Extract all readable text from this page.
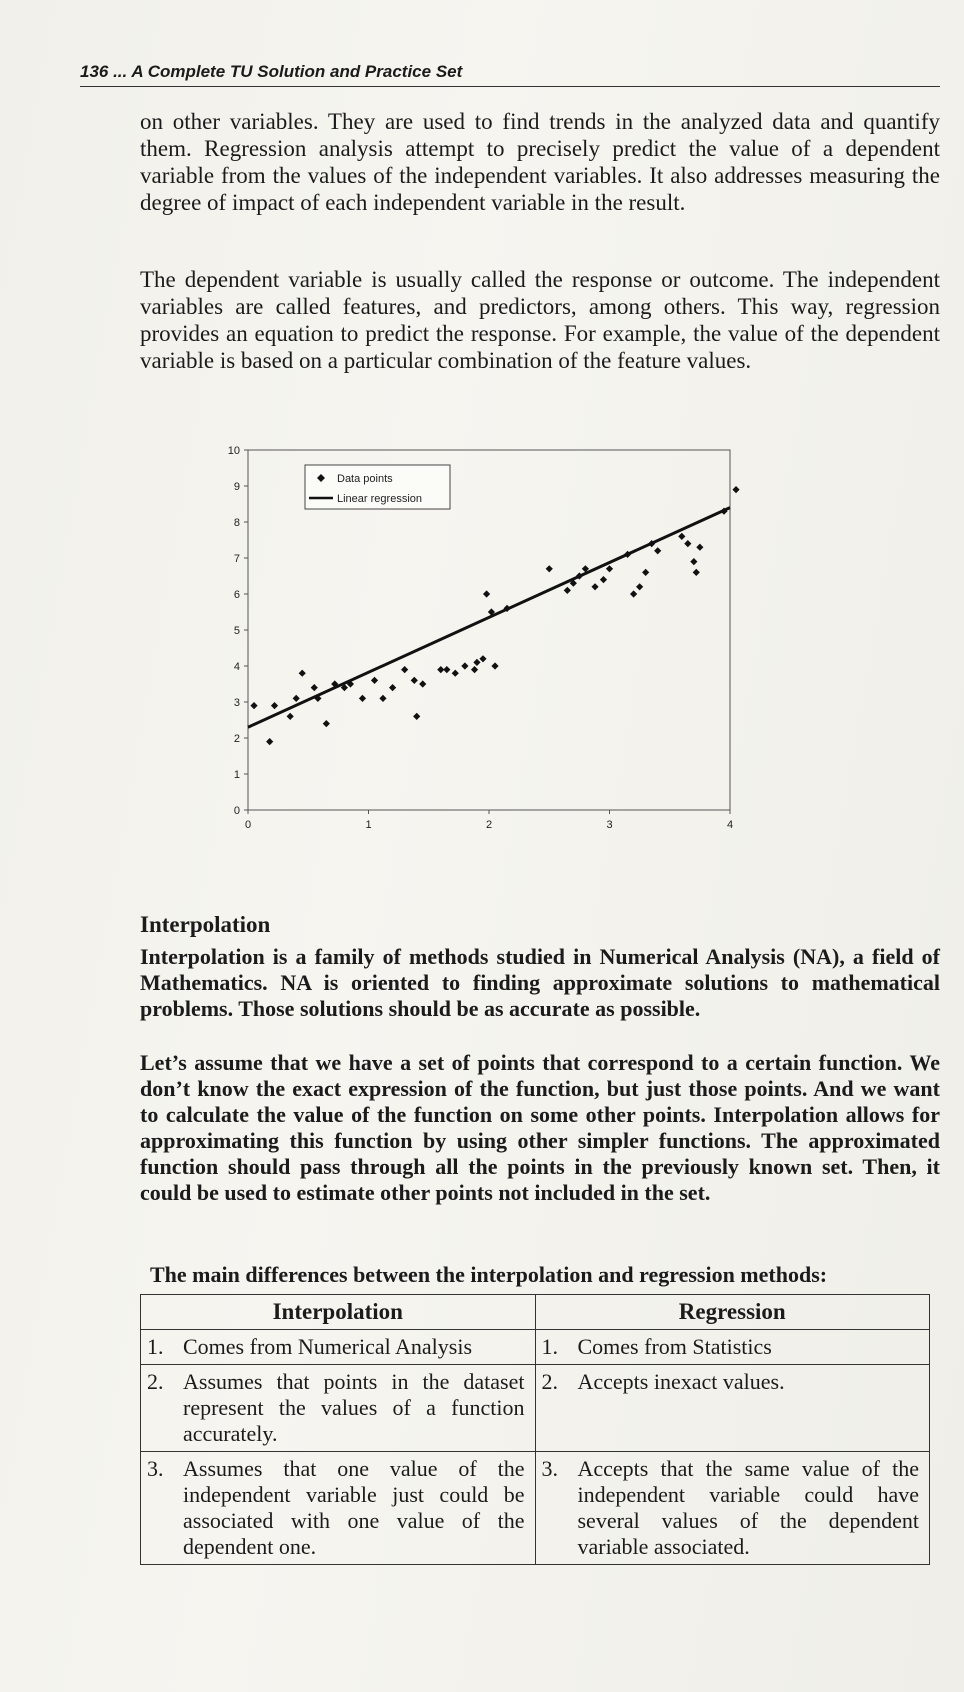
136 ... A Complete TU Solution and Practice Set
on other variables. They are used to find trends in the analyzed data and quantify them. Regression analysis attempt to precisely predict the value of a dependent variable from the values of the independent variables. It also addresses measuring the degree of impact of each independent variable in the result.
The dependent variable is usually called the response or outcome. The independent variables are called features, and predictors, among others. This way, regression provides an equation to predict the response. For example, the value of the dependent variable is based on a particular combination of the feature values.
0
1
2
3
4
5
6
7
8
9
10
0	1	2	3	4
Data points
Linear regression
Interpolation
Interpolation is a family of methods studied in Numerical Analysis (NA), a field of Mathematics. NA is oriented to finding approximate solutions to mathematical problems. Those solutions should be as accurate as possible.
Let’s assume that we have a set of points that correspond to a certain function. We don’t know the exact expression of the function, but just those points. And we want to calculate the value of the function on some other points. Interpolation allows for approximating this function by using other simpler functions. The approximated function should pass through all the points in the previously known set. Then, it could be used to estimate other points not included in the set.
The main differences between the interpolation and regression methods:
Interpolation	Regression
1. Comes from Numerical Analysis	1. Comes from Statistics
2. Assumes that points in the dataset represent the values of a function accurately.	2. Accepts inexact values.
3. Assumes that one value of the independent variable just could be associated with one value of the dependent one.	3. Accepts that the same value of the independent variable could have several values of the dependent variable associated.
